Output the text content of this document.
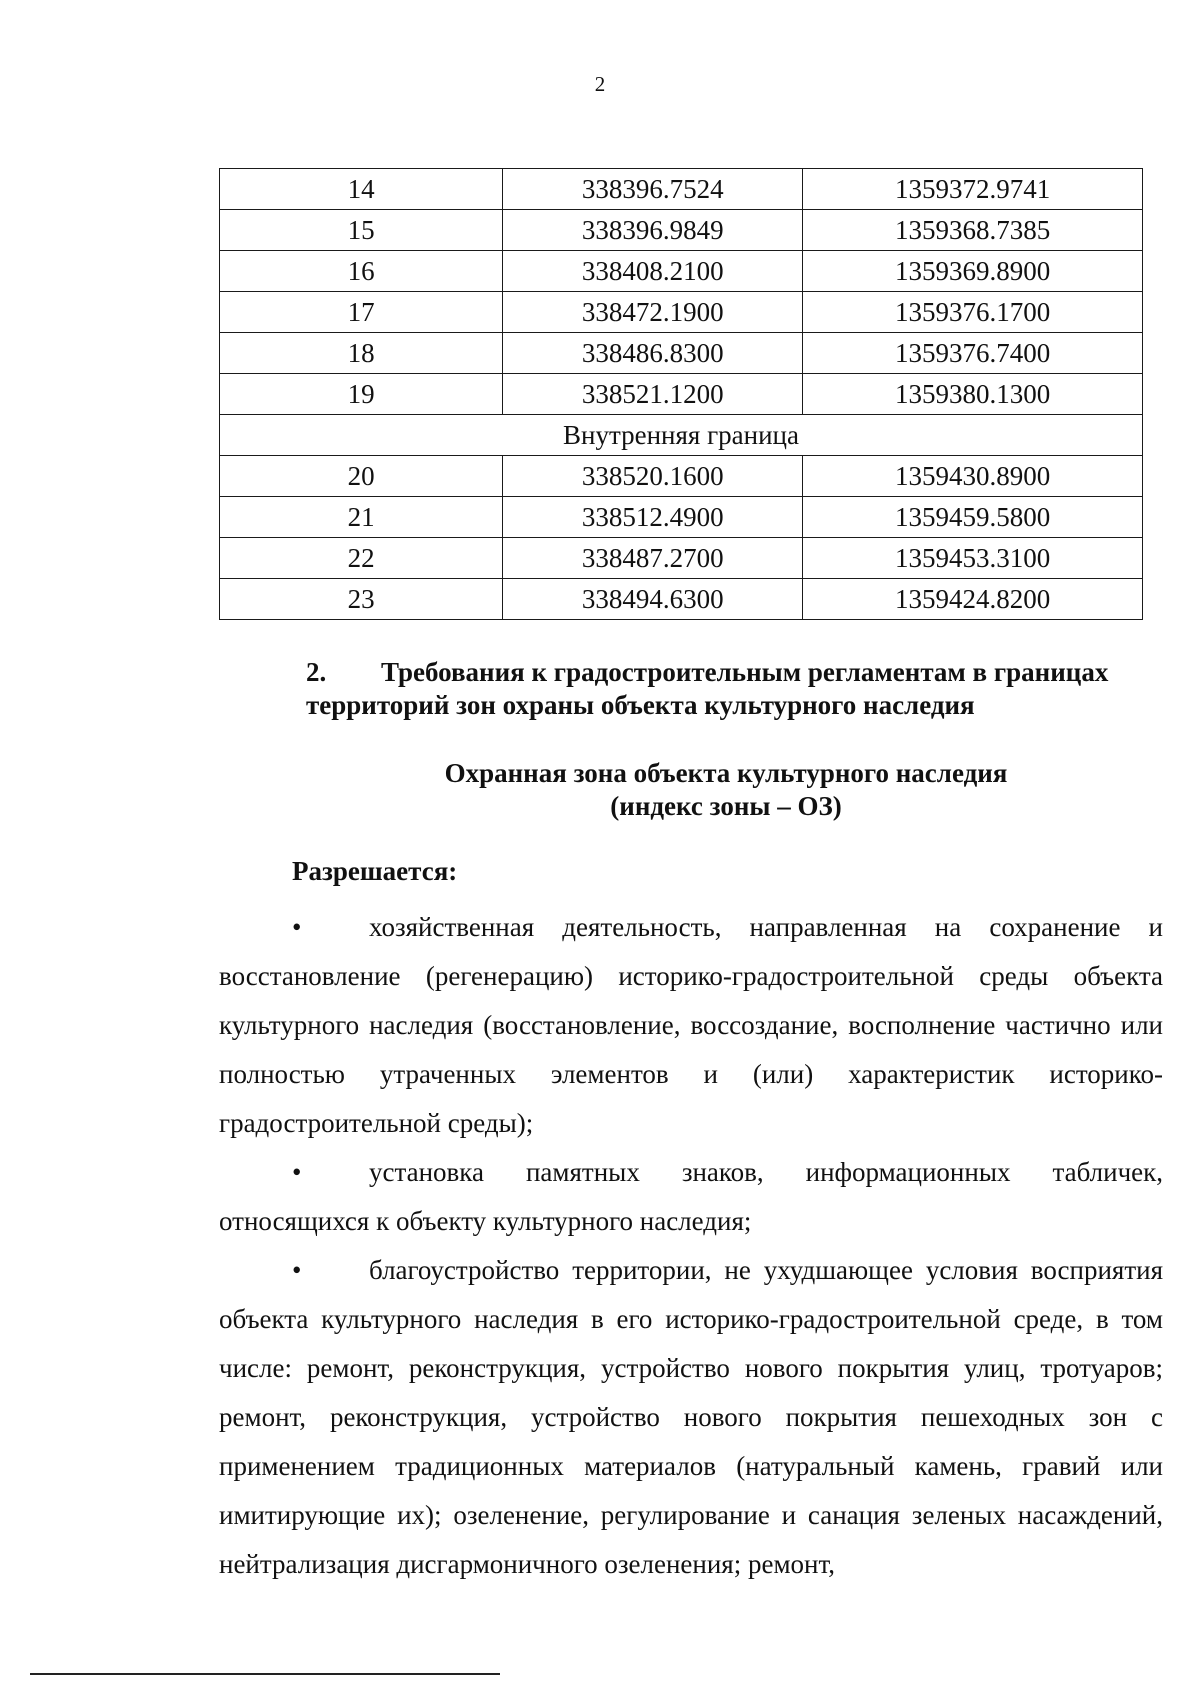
2
14	338396.7524	1359372.9741
15	338396.9849	1359368.7385
16	338408.2100	1359369.8900
17	338472.1900	1359376.1700
18	338486.8300	1359376.7400
19	338521.1200	1359380.1300
Внутренняя граница		
20	338520.1600	1359430.8900
21	338512.4900	1359459.5800
22	338487.2700	1359453.3100
23	338494.6300	1359424.8200
2. Требования к градостроительным регламентам в границах территорий зон охраны объекта культурного наследия
Охранная зона объекта культурного наследия
(индекс зоны – ОЗ)
Разрешается:

•	хозяйственная деятельность, направленная на сохранение и восстановление (регенерацию) историко-градостроительной среды объекта культурного наследия (восстановление, воссоздание, восполнение частично или полностью утраченных элементов и (или) характеристик историко-градостроительной среды);

•	установка памятных знаков, информационных табличек, относящихся к объекту культурного наследия;

•	благоустройство территории, не ухудшающее условия восприятия объекта культурного наследия в его историко-градостроительной среде, в том числе: ремонт, реконструкция, устройство нового покрытия улиц, тротуаров; ремонт, реконструкция, устройство нового покрытия пешеходных зон с применением традиционных материалов (натуральный камень, гравий или имитирующие их); озеленение, регулирование и санация зеленых насаждений, нейтрализация дисгармоничного озеленения; ремонт,
